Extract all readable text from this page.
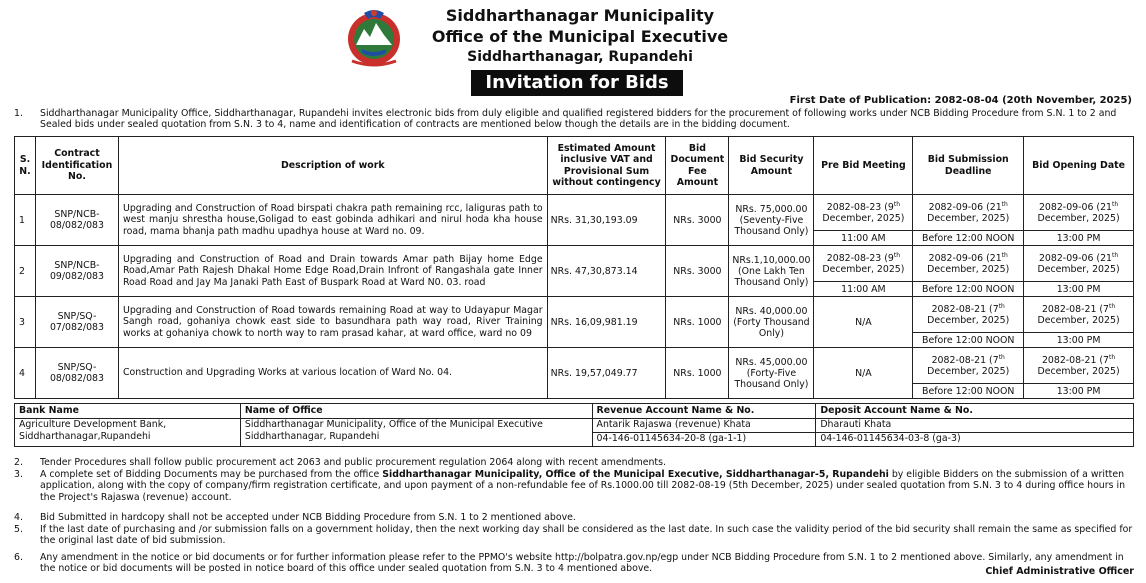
Siddharthanagar Municipality
Office of the Municipal Executive
Siddharthanagar, Rupandehi
Invitation for Bids
First Date of Publication: 2082-08-04 (20th November, 2025)
1. Siddharthanagar Municipality Office, Siddharthanagar, Rupandehi invites electronic bids from duly eligible and qualified registered bidders for the procurement of following works under NCB Bidding Procedure from S.N. 1 to 2 and Sealed bids under sealed quotation from S.N. 3 to 4, name and identification of contracts are mentioned below though the details are in the bidding document.
S. N.	Contract Identification No.	Description of work	Estimated Amount inclusive VAT and Provisional Sum without contingency	Bid Document Fee Amount	Bid Security Amount	Pre Bid Meeting	Bid Submission Deadline	Bid Opening Date
1	SNP/NCB-08/082/083	Upgrading and Construction of Road birspati chakra path remaining rcc, laliguras path to west manju shrestha house,Goligad to east gobinda adhikari and nirul hoda kha house road, mama bhanja path madhu upadhya house at Ward no. 09.	NRs. 31,30,193.09	NRs. 3000	NRs. 75,000.00 (Seventy-Five Thousand Only)	2082-08-23 (9th December, 2025)	2082-09-06 (21th December, 2025)	2082-09-06 (21th December, 2025)
						11:00 AM	Before 12:00 NOON	13:00 PM
2	SNP/NCB-09/082/083	Upgrading and Construction of Road and Drain towards Amar path Bijay home Edge Road,Amar Path Rajesh Dhakal Home Edge Road,Drain Infront of Rangashala gate Inner Road Road and Jay Ma Janaki Path East of Buspark Road at Ward N0. 03. road	NRs. 47,30,873.14	NRs. 3000	NRs.1,10,000.00 (One Lakh Ten Thousand Only)	2082-08-23 (9th December, 2025)	2082-09-06 (21th December, 2025)	2082-09-06 (21th December, 2025)
						11:00 AM	Before 12:00 NOON	13:00 PM
3	SNP/SQ-07/082/083	Upgrading and Construction of Road towards remaining Road at way to Udayapur Magar Sangh road, gohaniya chowk east side to basundhara path way road, River Training works at gohaniya chowk to north way to ram prasad kahar, at ward office, ward no 09	NRs. 16,09,981.19	NRs. 1000	NRs. 40,000.00 (Forty Thousand Only)	N/A	2082-08-21 (7th December, 2025)	2082-08-21 (7th December, 2025)
							Before 12:00 NOON	13:00 PM
4	SNP/SQ-08/082/083	Construction and Upgrading Works at various location of Ward No. 04.	NRs. 19,57,049.77	NRs. 1000	NRs. 45,000.00 (Forty-Five Thousand Only)	N/A	2082-08-21 (7th December, 2025)	2082-08-21 (7th December, 2025)
							Before 12:00 NOON	13:00 PM
Bank Name	Name of Office	Revenue Account Name & No.	Deposit Account Name & No.
Agriculture Development Bank, Siddharthanagar,Rupandehi	Siddharthanagar Municipality, Office of the Municipal Executive Siddharthanagar, Rupandehi	Antarik Rajaswa (revenue) Khata	Dharauti Khata
		04-146-01145634-20-8 (ga-1-1)	04-146-01145634-03-8 (ga-3)
2. Tender Procedures shall follow public procurement act 2063 and public procurement regulation 2064 along with recent amendments.
3. A complete set of Bidding Documents may be purchased from the office Siddharthanagar Municipality, Office of the Municipal Executive, Siddharthanagar-5, Rupandehi by eligible Bidders on the submission of a written application, along with the copy of company/firm registration certificate, and upon payment of a non-refundable fee of Rs.1000.00 till 2082-08-19 (5th December, 2025) under sealed quotation from S.N. 3 to 4 during office hours in the Project's Rajaswa (revenue) account.
4. Bid Submitted in hardcopy shall not be accepted under NCB Bidding Procedure from S.N. 1 to 2 mentioned above.
5. If the last date of purchasing and /or submission falls on a government holiday, then the next working day shall be considered as the last date. In such case the validity period of the bid security shall remain the same as specified for the original last date of bid submission.
6. Any amendment in the notice or bid documents or for further information please refer to the PPMO's website http://bolpatra.gov.np/egp under NCB Bidding Procedure from S.N. 1 to 2 mentioned above. Similarly, any amendment in the notice or bid documents will be posted in notice board of this office under sealed quotation from S.N. 3 to 4 mentioned above.	Chief Administrative Officer
